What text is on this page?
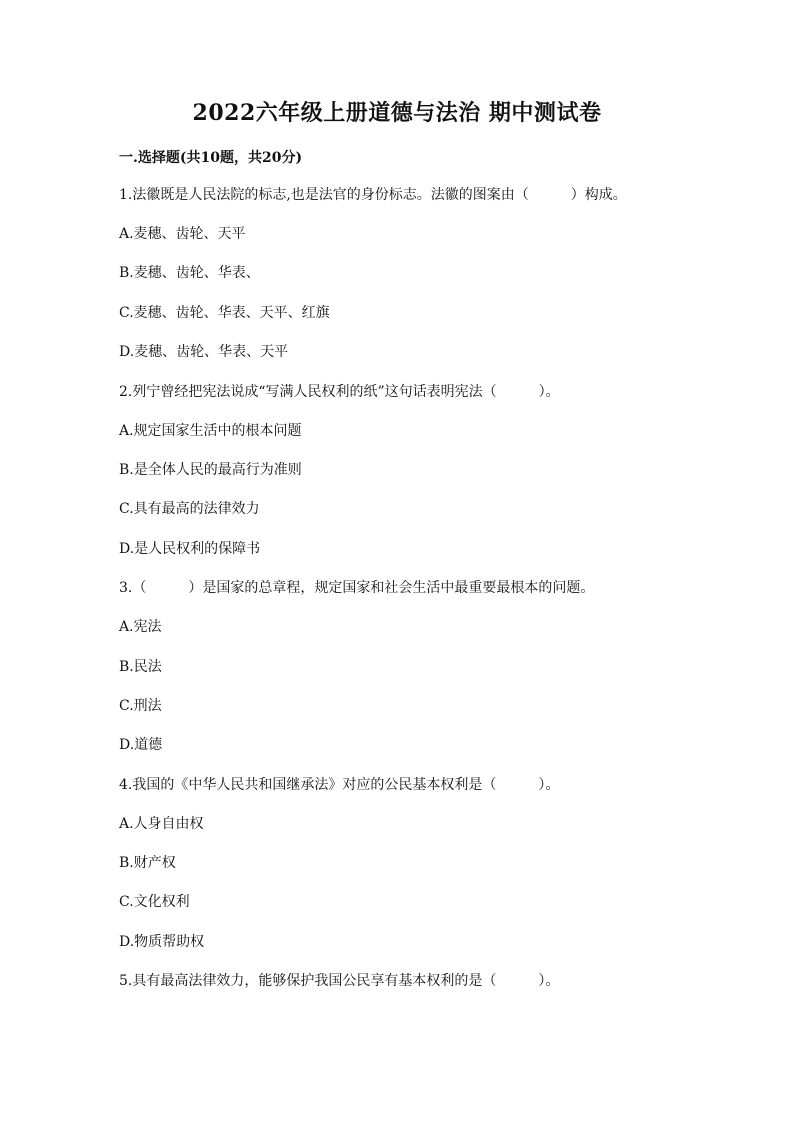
2022六年级上册道德与法治 期中测试卷
一.选择题(共10题，共20分)

1.法徽既是人民法院的标志,也是法官的身份标志。法徽的图案由（　　　）构成。

A.麦穗、齿轮、天平

B.麦穗、齿轮、华表、

C.麦穗、齿轮、华表、天平、红旗

D.麦穗、齿轮、华表、天平

2.列宁曾经把宪法说成“写满人民权利的纸”这句话表明宪法（　　　）。

A.规定国家生活中的根本问题

B.是全体人民的最高行为准则

C.具有最高的法律效力

D.是人民权利的保障书

3.（　　　）是国家的总章程，规定国家和社会生活中最重要最根本的问题。

A.宪法

B.民法

C.刑法

D.道德

4.我国的《中华人民共和国继承法》对应的公民基本权利是（　　　）。

A.人身自由权

B.财产权

C.文化权利

D.物质帮助权

5.具有最高法律效力，能够保护我国公民享有基本权利的是（　　　）。
